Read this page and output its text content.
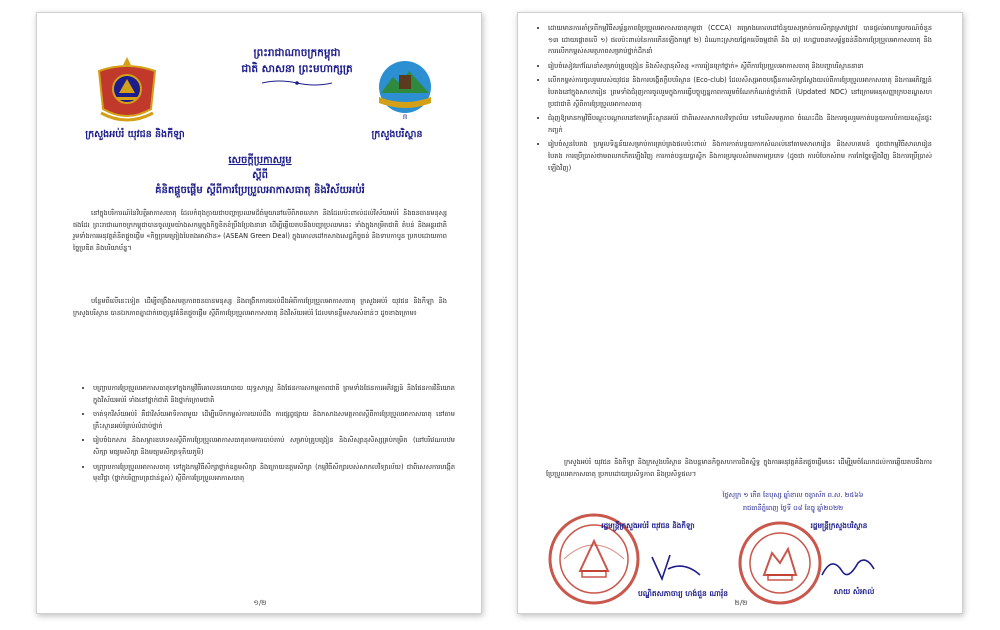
ព្រះរាជាណាចក្រកម្ពុជា
ជាតិ សាសនា ព្រះមហាក្សត្រ
ᗰ
ក្រសួងអប់រំ យុវជន និងកីឡា	ក្រសួងបរិស្ថាន
សេចក្តីប្រកាសរួម
ស្តីពី
គំនិតផ្តួចផ្តើម ស្តីពីការប្រែប្រួលអាកាសធាតុ និងវិស័យអប់រំ

នៅក្នុងបរិការណ៍នៃវិបត្តិអាកាសធាតុ ដែលកំពុងក្លាយជាបញ្ហាប្រឈមដ៏ធំមួយនៅលើពិភពលោក និងដែលប៉ះពាល់ដល់វិស័យអប់រំ និងធនធានមនុស្សផងដែរ ព្រះរាជាណាចក្រកម្ពុជាបានចូលរួមយ៉ាងសកម្មក្នុងកិច្ចខិតខំប្រឹងប្រែងនានា ដើម្បីឆ្លើយតបនឹងបញ្ហាប្រឈមនេះ ទាំងក្នុងកម្រិតជាតិ តំបន់ និងអន្តរជាតិ រួមទាំងការអនុវត្តគំនិតផ្តួចផ្តើម «កិច្ចព្រមព្រៀងបៃតងអាស៊ាន» (ASEAN Green Deal) ក្នុងគោលដៅកសាងសេដ្ឋកិច្ចធន់ និងទាបកាបូន ប្រកបដោយភាពច្នៃប្រឌិត និងបរិយាប័ន្ន។

បន្ថែមពីលើនេះទៀត ដើម្បីពង្រឹងសមត្ថភាពធនធានមនុស្ស និងពង្រីកការយល់ដឹងអំពីការប្រែប្រួលអាកាសធាតុ ក្រសួងអប់រំ យុវជន និងកីឡា និងក្រសួងបរិស្ថាន បានឯកភាពគ្នាដាក់ចេញនូវគំនិតផ្តួចផ្តើម ស្តីពីការប្រែប្រួលអាកាសធាតុ និងវិស័យអប់រំ ដែលមានខ្លឹមសារសំខាន់ៗ ដូចខាងក្រោម៖

• បញ្ជ្រាបការប្រែប្រួលអាកាសធាតុទៅក្នុងកម្មវិធីគោលនយោបាយ យុទ្ធសាស្ត្រ និងផែនការសកម្មភាពជាតិ ព្រមទាំងផែនការអភិវឌ្ឍន៍ និងផែនការវិនិយោគ ក្នុងវិស័យអប់រំ ទាំងនៅថ្នាក់ជាតិ និងថ្នាក់ក្រោមជាតិ
• ចាត់ទុកវិស័យអប់រំ គឺជាវិស័យអាទិភាពមួយ ដើម្បីលើកកម្ពស់ការយល់ដឹង ការផ្សព្វផ្សាយ និងកសាងសមត្ថភាពស្តីពីការប្រែប្រួលអាកាសធាតុ នៅតាមគ្រឹះស្ថានអប់រំគ្រប់លំដាប់ថ្នាក់
• រៀបចំឯកសារ និងសម្ភារឧបទេសស្តីពីការប្រែប្រួលអាកាសធាតុតាមការបាប់តាប់ សម្រាប់គ្រូបង្រៀន និងសិស្សានុសិស្សគ្រប់កម្រិត (នៅបរិវេណបឋមសិក្សា មធ្យមសិក្សា និងមធ្យមសិក្សាទុតិយភូមិ)
• បញ្ជ្រាបការប្រែប្រួលអាកាសធាតុ ទៅក្នុងកម្មវិធីសិក្សាថ្នាក់ឧត្តមសិក្សា និងក្រោយឧត្តមសិក្សា (កម្មវិធីសិក្សារបស់សាកលវិទ្យាល័យ) ជាពិសេសការបង្កើតមុខវិជ្ជា (ថ្នាក់បរិញ្ញាបត្រជាន់ខ្ពស់) ស្តីពីការប្រែប្រួលអាកាសធាតុ
១/២
• ដោយមានការគាំទ្រពីកម្មវិធីសម្ព័ន្ធភាពប្រែប្រួលអាកាសធាតុកម្ពុជា (CCCA) គម្រោងគោលដៅជំនួយសម្រាប់ការសិក្សាស្រាវជ្រាវ បានផ្តល់អាហារូបករណ៍ចំនួន ១៣ ដោយផ្តោតលើ ១) ផលប៉ះពាល់នៃការកើនឡើងកម្តៅ ២) ដំណោះស្រាយផ្អែកលើធម្មជាតិ និង ៣) ហេដ្ឋារចនាសម្ព័ន្ធធន់នឹងការប្រែប្រួលអាកាសធាតុ និងការលើកកម្ពស់សមត្ថភាពសម្រាប់ថ្នាក់ដឹកនាំ
• រៀបចំសៀវភៅណែនាំសម្រាប់គ្រូបង្រៀន និងសិស្សានុសិស្ស «ការរៀនក្រៅថ្នាក់» ស្តីពីការប្រែប្រួលអាកាសធាតុ និងបញ្ហាបរិស្ថាននានា
• លើកកម្ពស់ការចូលរួមរបស់យុវជន និងការបង្កើតក្លឹបបរិស្ថាន (Eco-club) ដែលសិស្សអាចបង្កើនការសិក្សាស្វែងយល់ពីការប្រែប្រួលអាកាសធាតុ និងការអភិវឌ្ឍន៍បៃតងនៅក្នុងសាលារៀន ព្រមទាំងជំរុញការចូលរួមក្នុងការធ្វើបច្ចុប្បន្នភាពការរួមចំណែកកំណត់ថ្នាក់ជាតិ (Updated NDC) នៅក្រោមអនុសញ្ញាក្របខណ្ឌសហប្រជាជាតិ ស្តីពីការប្រែប្រួលអាកាសធាតុ
• ជំរុញឱ្យមានកម្មវិធីបណ្តុះបណ្តាលនៅតាមគ្រឹះស្ថានអប់រំ ជាពិសេសសាកលវិទ្យាល័យ ទៅលើសមត្ថភាព ចំណេះដឹង និងការចូលរួមកាត់បន្ថយការបំភាយឧស្ម័នផ្ទះកញ្ចក់
• រៀបចំសួនបៃតង ប្រមូលទិន្នន័យសម្រាប់ការគ្រប់គ្រងផលប៉ះពាល់ និងការកាត់បន្ថយកាកសំណល់នៅតាមសាលារៀន និងសហគមន៍ ដូចជាកម្មវិធីសាលារៀនបៃតង ការប្រើប្រាស់ថាមពលកកើតឡើងវិញ ការកាត់បន្ថយប្លាស្ទិក និងការប្រមូលសំរាមតាមប្រភេទ (ដូចជា ការបំបែកសំរាម ការកែច្នៃឡើងវិញ និងការប្រើប្រាស់ឡើងវិញ)

ក្រសួងអប់រំ យុវជន និងកីឡា និងក្រសួងបរិស្ថាន និងបន្តមានកិច្ចសហការជិតស្និទ្ធ ក្នុងការអនុវត្តគំនិតផ្តួចផ្តើមនេះ ដើម្បីរួមចំណែកដល់ការឆ្លើយតបនឹងការប្រែប្រួលអាកាសធាតុ ប្រកបដោយប្រសិទ្ធភាព និងប្រសិទ្ធផល។

ថ្ងៃសុក្រ ១ កើត ខែបុស្ស ឆ្នាំខាល ចត្វាស័ក ព.ស. ២៥៦៦
រាជធានីភ្នំពេញ ថ្ងៃទី ០៨ ខែធ្នូ ឆ្នាំ២០២២
រដ្ឋមន្ត្រីក្រសួងអប់រំ យុវជន និងកីឡា	រដ្ឋមន្ត្រីក្រសួងបរិស្ថាន
បណ្ឌិតសភាចារ្យ ហង់ជួន ណារ៉ុន	សាយ សំអាល់
២/២
